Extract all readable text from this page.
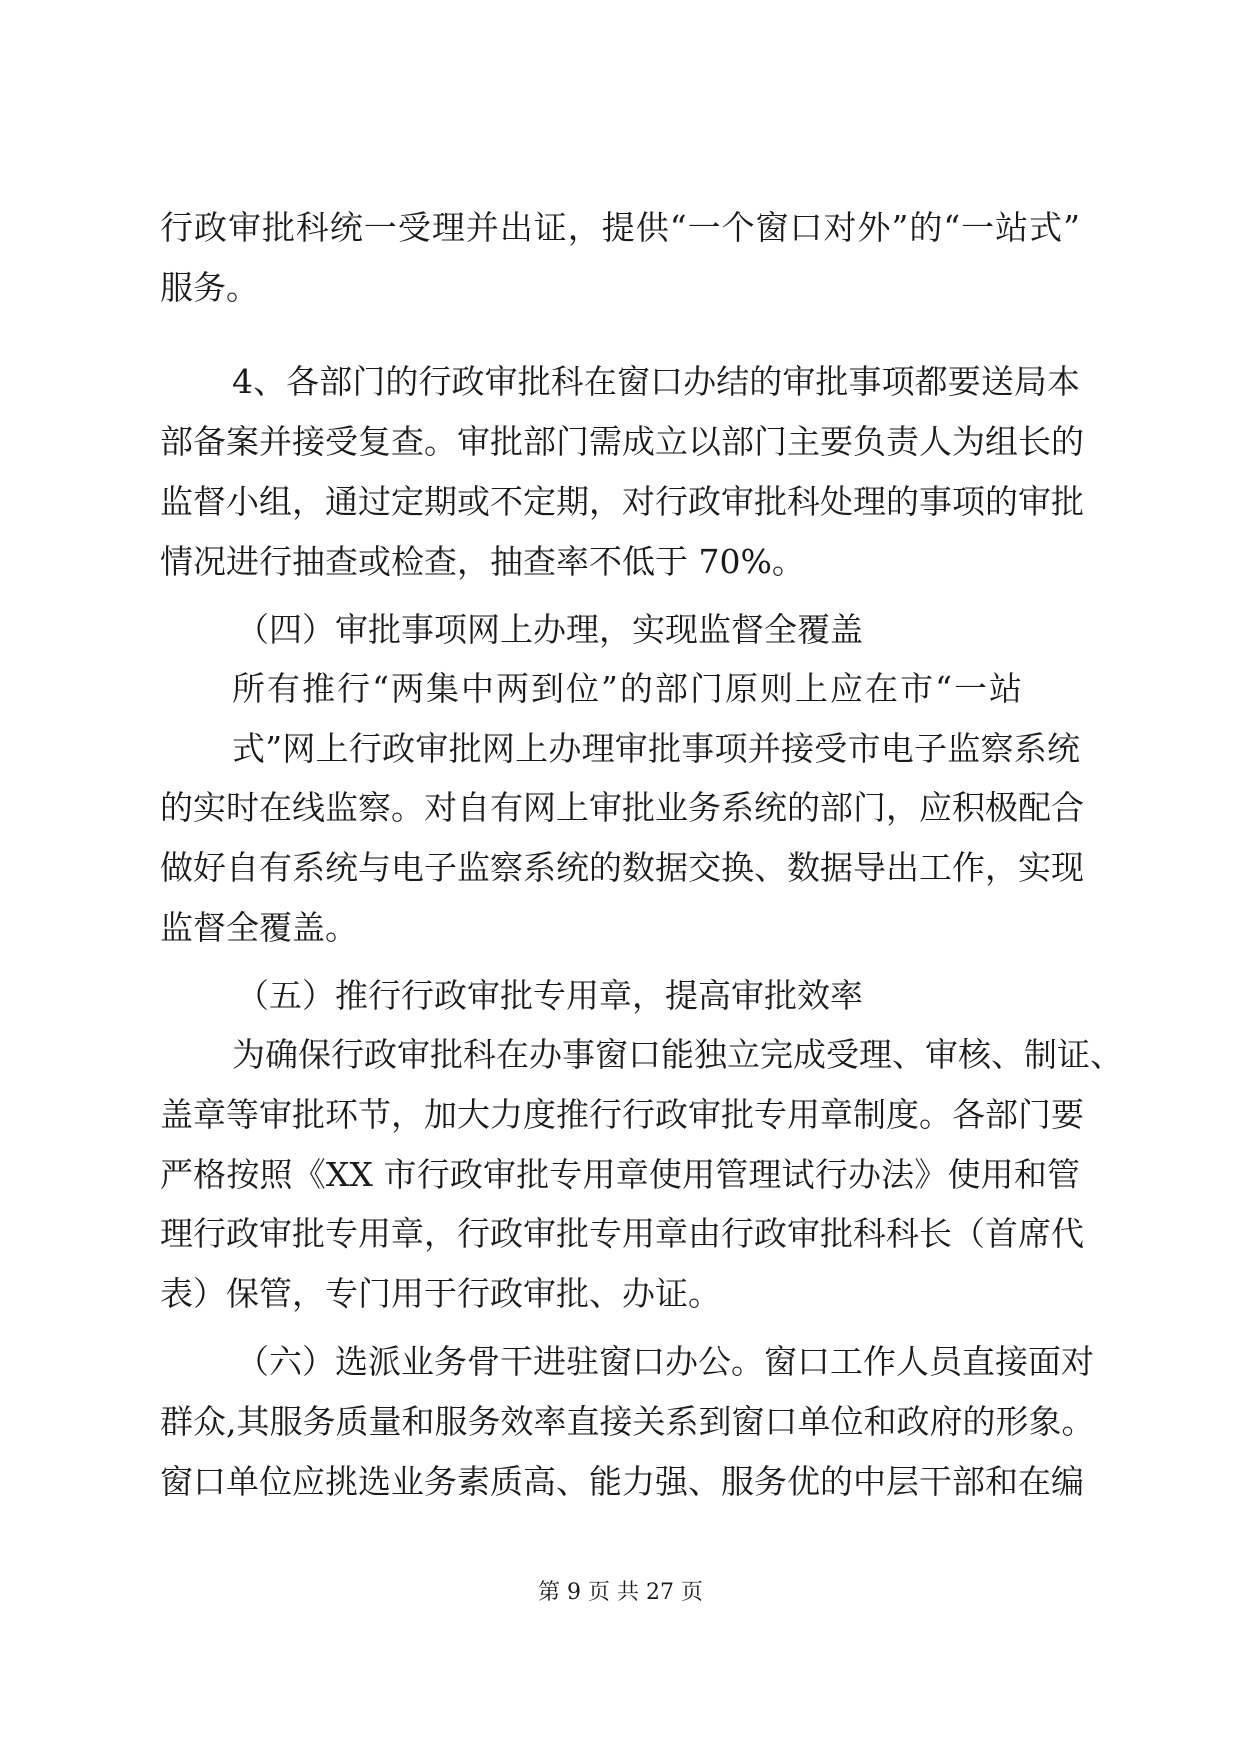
行政审批科统一受理并出证，提供“一个窗口对外”的“一站式”
服务。
4、各部门的行政审批科在窗口办结的审批事项都要送局本
部备案并接受复查。审批部门需成立以部门主要负责人为组长的
监督小组，通过定期或不定期，对行政审批科处理的事项的审批
情况进行抽查或检查，抽查率不低于 70%。
（四）审批事项网上办理，实现监督全覆盖
所有推行“两集中两到位”的部门原则上应在市“一站
式”网上行政审批网上办理审批事项并接受市电子监察系统
的实时在线监察。对自有网上审批业务系统的部门，应积极配合
做好自有系统与电子监察系统的数据交换、数据导出工作，实现
监督全覆盖。
（五）推行行政审批专用章，提高审批效率
为确保行政审批科在办事窗口能独立完成受理、审核、制证、
盖章等审批环节，加大力度推行行政审批专用章制度。各部门要
严格按照《XX 市行政审批专用章使用管理试行办法》使用和管
理行政审批专用章，行政审批专用章由行政审批科科长（首席代
表）保管，专门用于行政审批、办证。
（六）选派业务骨干进驻窗口办公。窗口工作人员直接面对
群众,其服务质量和服务效率直接关系到窗口单位和政府的形象。
窗口单位应挑选业务素质高、能力强、服务优的中层干部和在编
第 9 页 共 27 页
